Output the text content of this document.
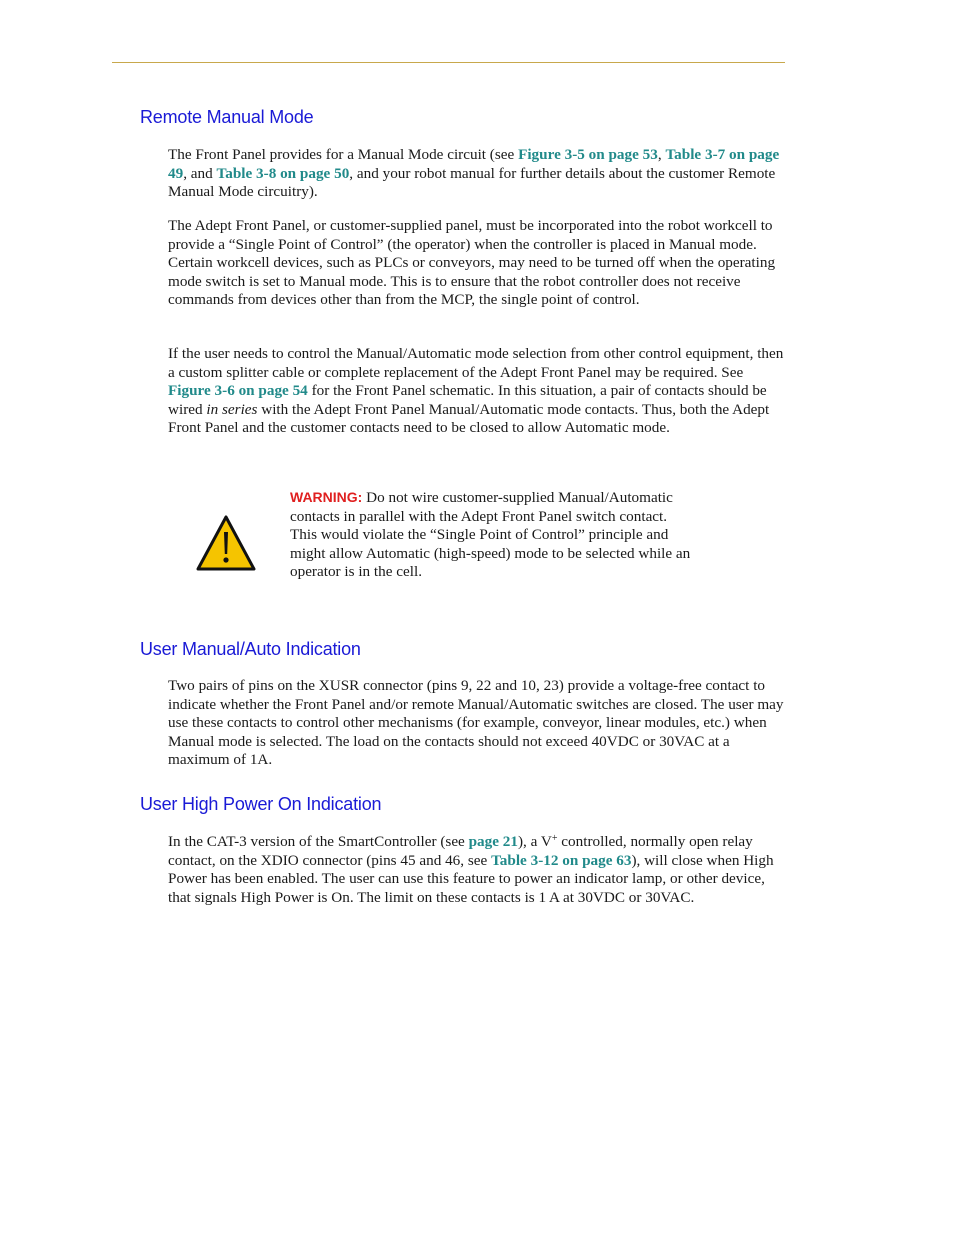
Remote Manual Mode

The Front Panel provides for a Manual Mode circuit (see Figure 3-5 on page 53, Table 3-7 on page 49, and Table 3-8 on page 50, and your robot manual for further details about the customer Remote Manual Mode circuitry).

The Adept Front Panel, or customer-supplied panel, must be incorporated into the robot workcell to provide a “Single Point of Control” (the operator) when the controller is placed in Manual mode. Certain workcell devices, such as PLCs or conveyors, may need to be turned off when the operating mode switch is set to Manual mode. This is to ensure that the robot controller does not receive commands from devices other than from the MCP, the single point of control.

If the user needs to control the Manual/Automatic mode selection from other control equipment, then a custom splitter cable or complete replacement of the Adept Front Panel may be required. See Figure 3-6 on page 54 for the Front Panel schematic. In this situation, a pair of contacts should be wired in series with the Adept Front Panel Manual/Automatic mode contacts. Thus, both the Adept Front Panel and the customer contacts need to be closed to allow Automatic mode.

WARNING: Do not wire customer-supplied Manual/Automatic contacts in parallel with the Adept Front Panel switch contact. This would violate the “Single Point of Control” principle and might allow Automatic (high-speed) mode to be selected while an operator is in the cell.

User Manual/Auto Indication

Two pairs of pins on the XUSR connector (pins 9, 22 and 10, 23) provide a voltage-free contact to indicate whether the Front Panel and/or remote Manual/Automatic switches are closed. The user may use these contacts to control other mechanisms (for example, conveyor, linear modules, etc.) when Manual mode is selected. The load on the contacts should not exceed 40VDC or 30VAC at a maximum of 1A.

User High Power On Indication

In the CAT-3 version of the SmartController (see page 21), a V+ controlled, normally open relay contact, on the XDIO connector (pins 45 and 46, see Table 3-12 on page 63), will close when High Power has been enabled. The user can use this feature to power an indicator lamp, or other device, that signals High Power is On. The limit on these contacts is 1 A at 30VDC or 30VAC.
